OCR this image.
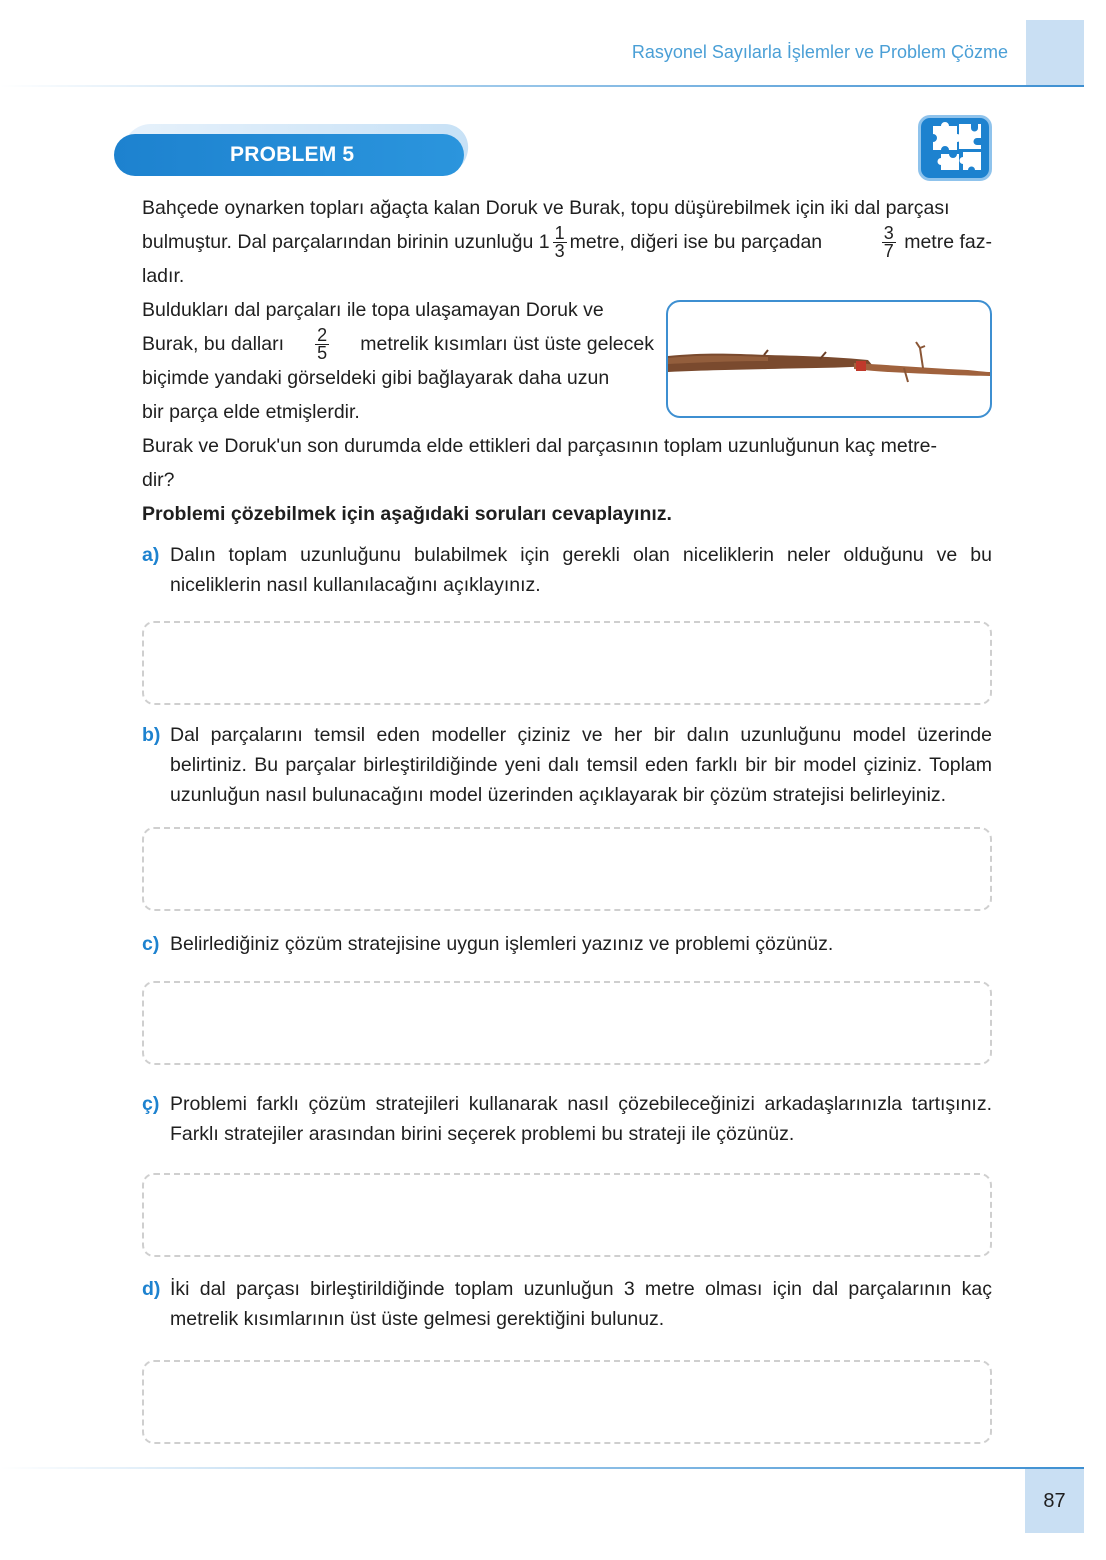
Rasyonel Sayılarla İşlemler ve Problem Çözme
PROBLEM 5
Bahçede oynarken topları ağaçta kalan Doruk ve Burak, topu düşürebilmek için iki dal parçası
bulmuştur. Dal parçalarından birinin uzunluğu $1 \frac{1}{3}$ metre, diğeri ise bu parçadan	$\frac{3}{7}$ metre faz-
ladır.
Buldukları dal parçaları ile topa ulaşamayan Doruk ve
Burak, bu dalları $\frac{2}{5}$ metrelik kısımları üst üste gelecek
biçimde yandaki görseldeki gibi bağlayarak daha uzun
bir parça elde etmişlerdir.
Burak ve Doruk'un son durumda elde ettikleri dal parçasının toplam uzunluğunun kaç metre-
dir?
Problemi çözebilmek için aşağıdaki soruları cevaplayınız.
a) Dalın toplam uzunluğunu bulabilmek için gerekli olan niceliklerin neler olduğunu ve bu niceliklerin nasıl kullanılacağını açıklayınız.
b) Dal parçalarını temsil eden modeller çiziniz ve her bir dalın uzunluğunu model üzerinde belirtiniz. Bu parçalar birleştirildiğinde yeni dalı temsil eden farklı bir bir model çiziniz. Toplam uzunluğun nasıl bulunacağını model üzerinden açıklayarak bir çözüm stratejisi belirleyiniz.
c) Belirlediğiniz çözüm stratejisine uygun işlemleri yazınız ve problemi çözünüz.
ç) Problemi farklı çözüm stratejileri kullanarak nasıl çözebileceğinizi arkadaşlarınızla tartışınız. Farklı stratejiler arasından birini seçerek problemi bu strateji ile çözünüz.
d) İki dal parçası birleştirildiğinde toplam uzunluğun 3 metre olması için dal parçalarının kaç metrelik kısımlarının üst üste gelmesi gerektiğini bulunuz.
87
